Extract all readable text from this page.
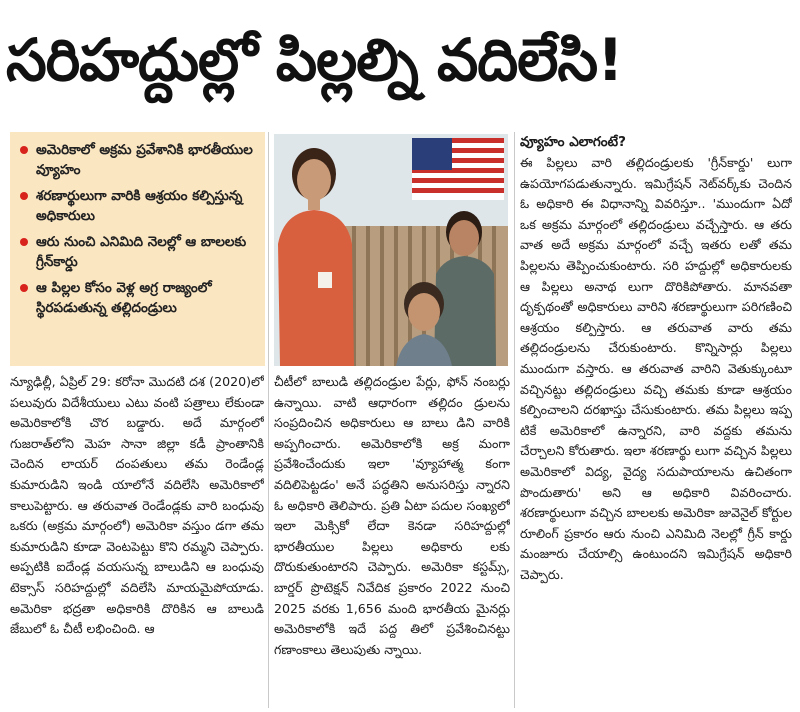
సరిహద్దుల్లో పిల్లల్ని వదిలేసి!
అమెరికాలో అక్రమ ప్రవేశానికి భారతీయుల వ్యూహం
శరణార్థులుగా వారికి ఆశ్రయం కల్పిస్తున్న అధికారులు
ఆరు నుంచి ఎనిమిది నెలల్లో ఆ బాలలకు గ్రీన్‌కార్డు
ఆ పిల్లల కోసం వెళ్ల అగ్ర రాజ్యంలో స్థిరపడుతున్న తల్లిదండ్రులు

న్యూఢిల్లీ, ఏప్రిల్ 29: కరోనా మొదటి దశ (2020)లో పలువురు విదేశీయులు ఎటు వంటి పత్రాలు లేకుండా అమెరికాలోకి చొర బడ్డారు. అదే మార్గంలో గుజరాత్‌లోని మెహ సానా జిల్లా కడీ ప్రాంతానికి చెందిన లాయర్ దంపతులు తమ రెండేండ్ల కుమారుడిని ఇండి యాలోనే వదిలేసి అమెరికాలో కాలుపెట్టారు. ఆ తరువాత రెండేండ్లకు వారి బంధువు ఒకరు (అక్రమ మార్గంలో) అమెరికా వస్తుం డగా తమ కుమారుడిని కూడా వెంటపెట్టు కొని రమ్మని చెప్పారు. అప్పటికి ఐదేండ్ల వయసున్న బాలుడిని ఆ బంధువు టెక్సాస్ సరిహద్దుల్లో వదిలేసి మాయమైపోయాడు. అమెరికా భద్రతా అధికారికి దొరికిన ఆ బాలుడి జేబులో ఓ చీటీ లభించింది. ఆ

చీటీలో బాలుడి తల్లిదండ్రుల పేర్లు, ఫోన్ నంబర్లు ఉన్నాయి. వాటి ఆధారంగా తల్లిదం డ్రులను సంప్రదించిన అధికారులు ఆ బాలు డిని వారికి అప్పగించారు. అమెరికాలోకి అక్ర మంగా ప్రవేశించేందుకు ఇలా 'వ్యూహాత్మ కంగా వదిలిపెట్టడం' అనే పద్ధతిని అనుసరిస్తు న్నారని ఓ అధికారి తెలిపారు. ప్రతి ఏటా పదుల సంఖ్యలో ఇలా మెక్సికో లేదా కెనడా సరిహద్దుల్లో భారతీయుల పిల్లలు అధికారు లకు దొరుకుతుంటారని చెప్పారు. అమెరికా కస్టమ్స్, బార్డర్ ప్రొటెక్షన్ నివేదిక ప్రకారం 2022 నుంచి 2025 వరకు 1,656 మంది భారతీయ మైనర్లు అమెరికాలోకి ఇదే పద్ద తిలో ప్రవేశించినట్టు గణాంకాలు తెలుపుతు న్నాయి.

వ్యూహం ఎలాగంటే?

ఈ పిల్లలు వారి తల్లిదండ్రులకు 'గ్రీన్‌కార్డు' లుగా ఉపయోగపడుతున్నారు. ఇమిగ్రేషన్ నెట్‌వర్క్‌కు చెందిన ఓ అధికారి ఈ విధానాన్ని వివరిస్తూ.. 'ముందుగా ఏదో ఒక అక్రమ మార్గంలో తల్లిదండ్రులు వచ్చేస్తారు. ఆ తరు వాత అదే అక్రమ మార్గంలో వచ్చే ఇతరు లతో తమ పిల్లలను తెప్పించుకుంటారు. సరి హద్దుల్లో అధికారులకు ఆ పిల్లలు అనాథ లుగా దొరికిపోతారు. మానవతా దృక్పథంతో అధికారులు వారిని శరణార్థులుగా పరిగణించి ఆశ్రయం కల్పిస్తారు. ఆ తరువాత వారు తమ తల్లిదండ్రులను చేరుకుంటారు. కొన్నిసార్లు పిల్లలు ముందుగా వస్తారు. ఆ తరువాత వారిని వెతుక్కుంటూ వచ్చినట్టు తల్లిదండ్రులు వచ్చి తమకు కూడా ఆశ్రయం కల్పించాలని దరఖాస్తు చేసుకుంటారు. తమ పిల్లలు ఇప్ప టికే అమెరికాలో ఉన్నారని, వారి వద్దకు తమను చేర్చాలని కోరుతారు. ఇలా శరణార్థు లుగా వచ్చిన పిల్లలు అమెరికాలో విద్య, వైద్య సదుపాయాలను ఉచితంగా పొందుతారు' అని ఆ అధికారి వివరించారు. శరణార్థులుగా వచ్చిన బాలలకు అమెరికా జువెనైల్ కోర్టుల రూలింగ్ ప్రకారం ఆరు నుంచి ఎనిమిది నెలల్లో గ్రీన్ కార్డు మంజూరు చేయాల్సి ఉంటుందని ఇమిగ్రేషన్ అధికారి చెప్పారు.
